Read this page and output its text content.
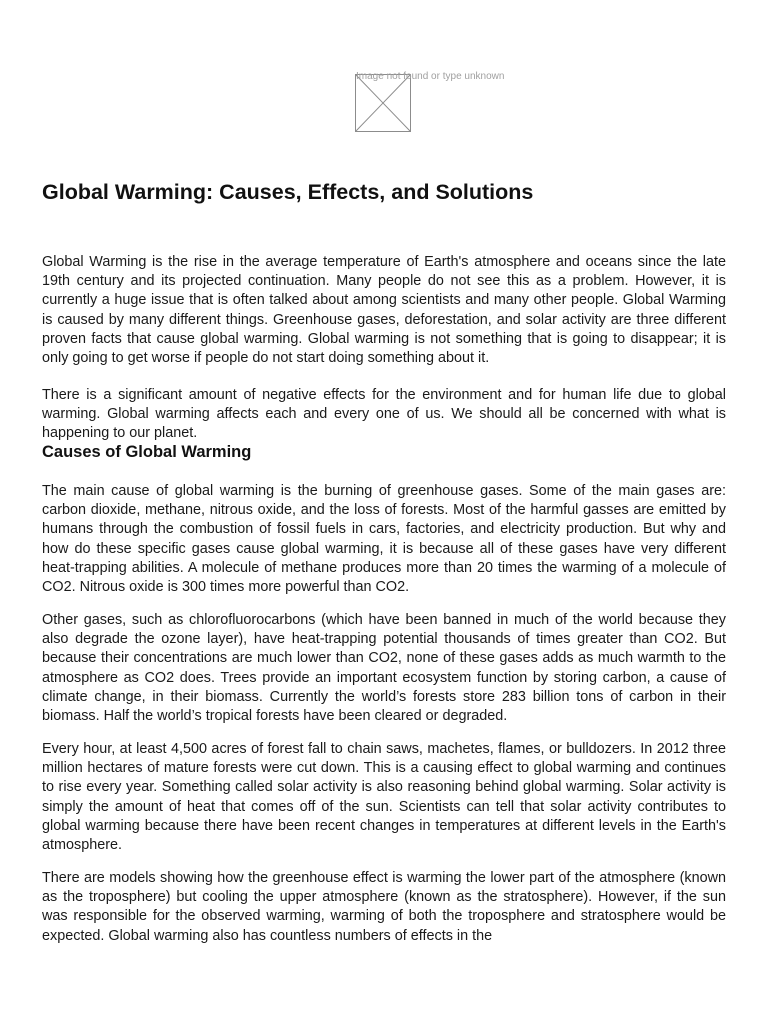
Image not found or type unknown
Global Warming: Causes, Effects, and Solutions

Global Warming is the rise in the average temperature of Earth's atmosphere and oceans since the late 19th century and its projected continuation. Many people do not see this as a problem. However, it is currently a huge issue that is often talked about among scientists and many other people. Global Warming is caused by many different things. Greenhouse gases, deforestation, and solar activity are three different proven facts that cause global warming. Global warming is not something that is going to disappear; it is only going to get worse if people do not start doing something about it.

There is a significant amount of negative effects for the environment and for human life due to global warming. Global warming affects each and every one of us. We should all be concerned with what is happening to our planet.

Causes of Global Warming

The main cause of global warming is the burning of greenhouse gases. Some of the main gases are: carbon dioxide, methane, nitrous oxide, and the loss of forests. Most of the harmful gasses are emitted by humans through the combustion of fossil fuels in cars, factories, and electricity production. But why and how do these specific gases cause global warming, it is because all of these gases have very different heat-trapping abilities. A molecule of methane produces more than 20 times the warming of a molecule of CO2. Nitrous oxide is 300 times more powerful than CO2.

Other gases, such as chlorofluorocarbons (which have been banned in much of the world because they also degrade the ozone layer), have heat-trapping potential thousands of times greater than CO2. But because their concentrations are much lower than CO2, none of these gases adds as much warmth to the atmosphere as CO2 does. Trees provide an important ecosystem function by storing carbon, a cause of climate change, in their biomass. Currently the world’s forests store 283 billion tons of carbon in their biomass. Half the world’s tropical forests have been cleared or degraded.

Every hour, at least 4,500 acres of forest fall to chain saws, machetes, flames, or bulldozers. In 2012 three million hectares of mature forests were cut down. This is a causing effect to global warming and continues to rise every year. Something called solar activity is also reasoning behind global warming. Solar activity is simply the amount of heat that comes off of the sun. Scientists can tell that solar activity contributes to global warming because there have been recent changes in temperatures at different levels in the Earth's atmosphere.

There are models showing how the greenhouse effect is warming the lower part of the atmosphere (known as the troposphere) but cooling the upper atmosphere (known as the stratosphere). However, if the sun was responsible for the observed warming, warming of both the troposphere and stratosphere would be expected. Global warming also has countless numbers of effects in the
